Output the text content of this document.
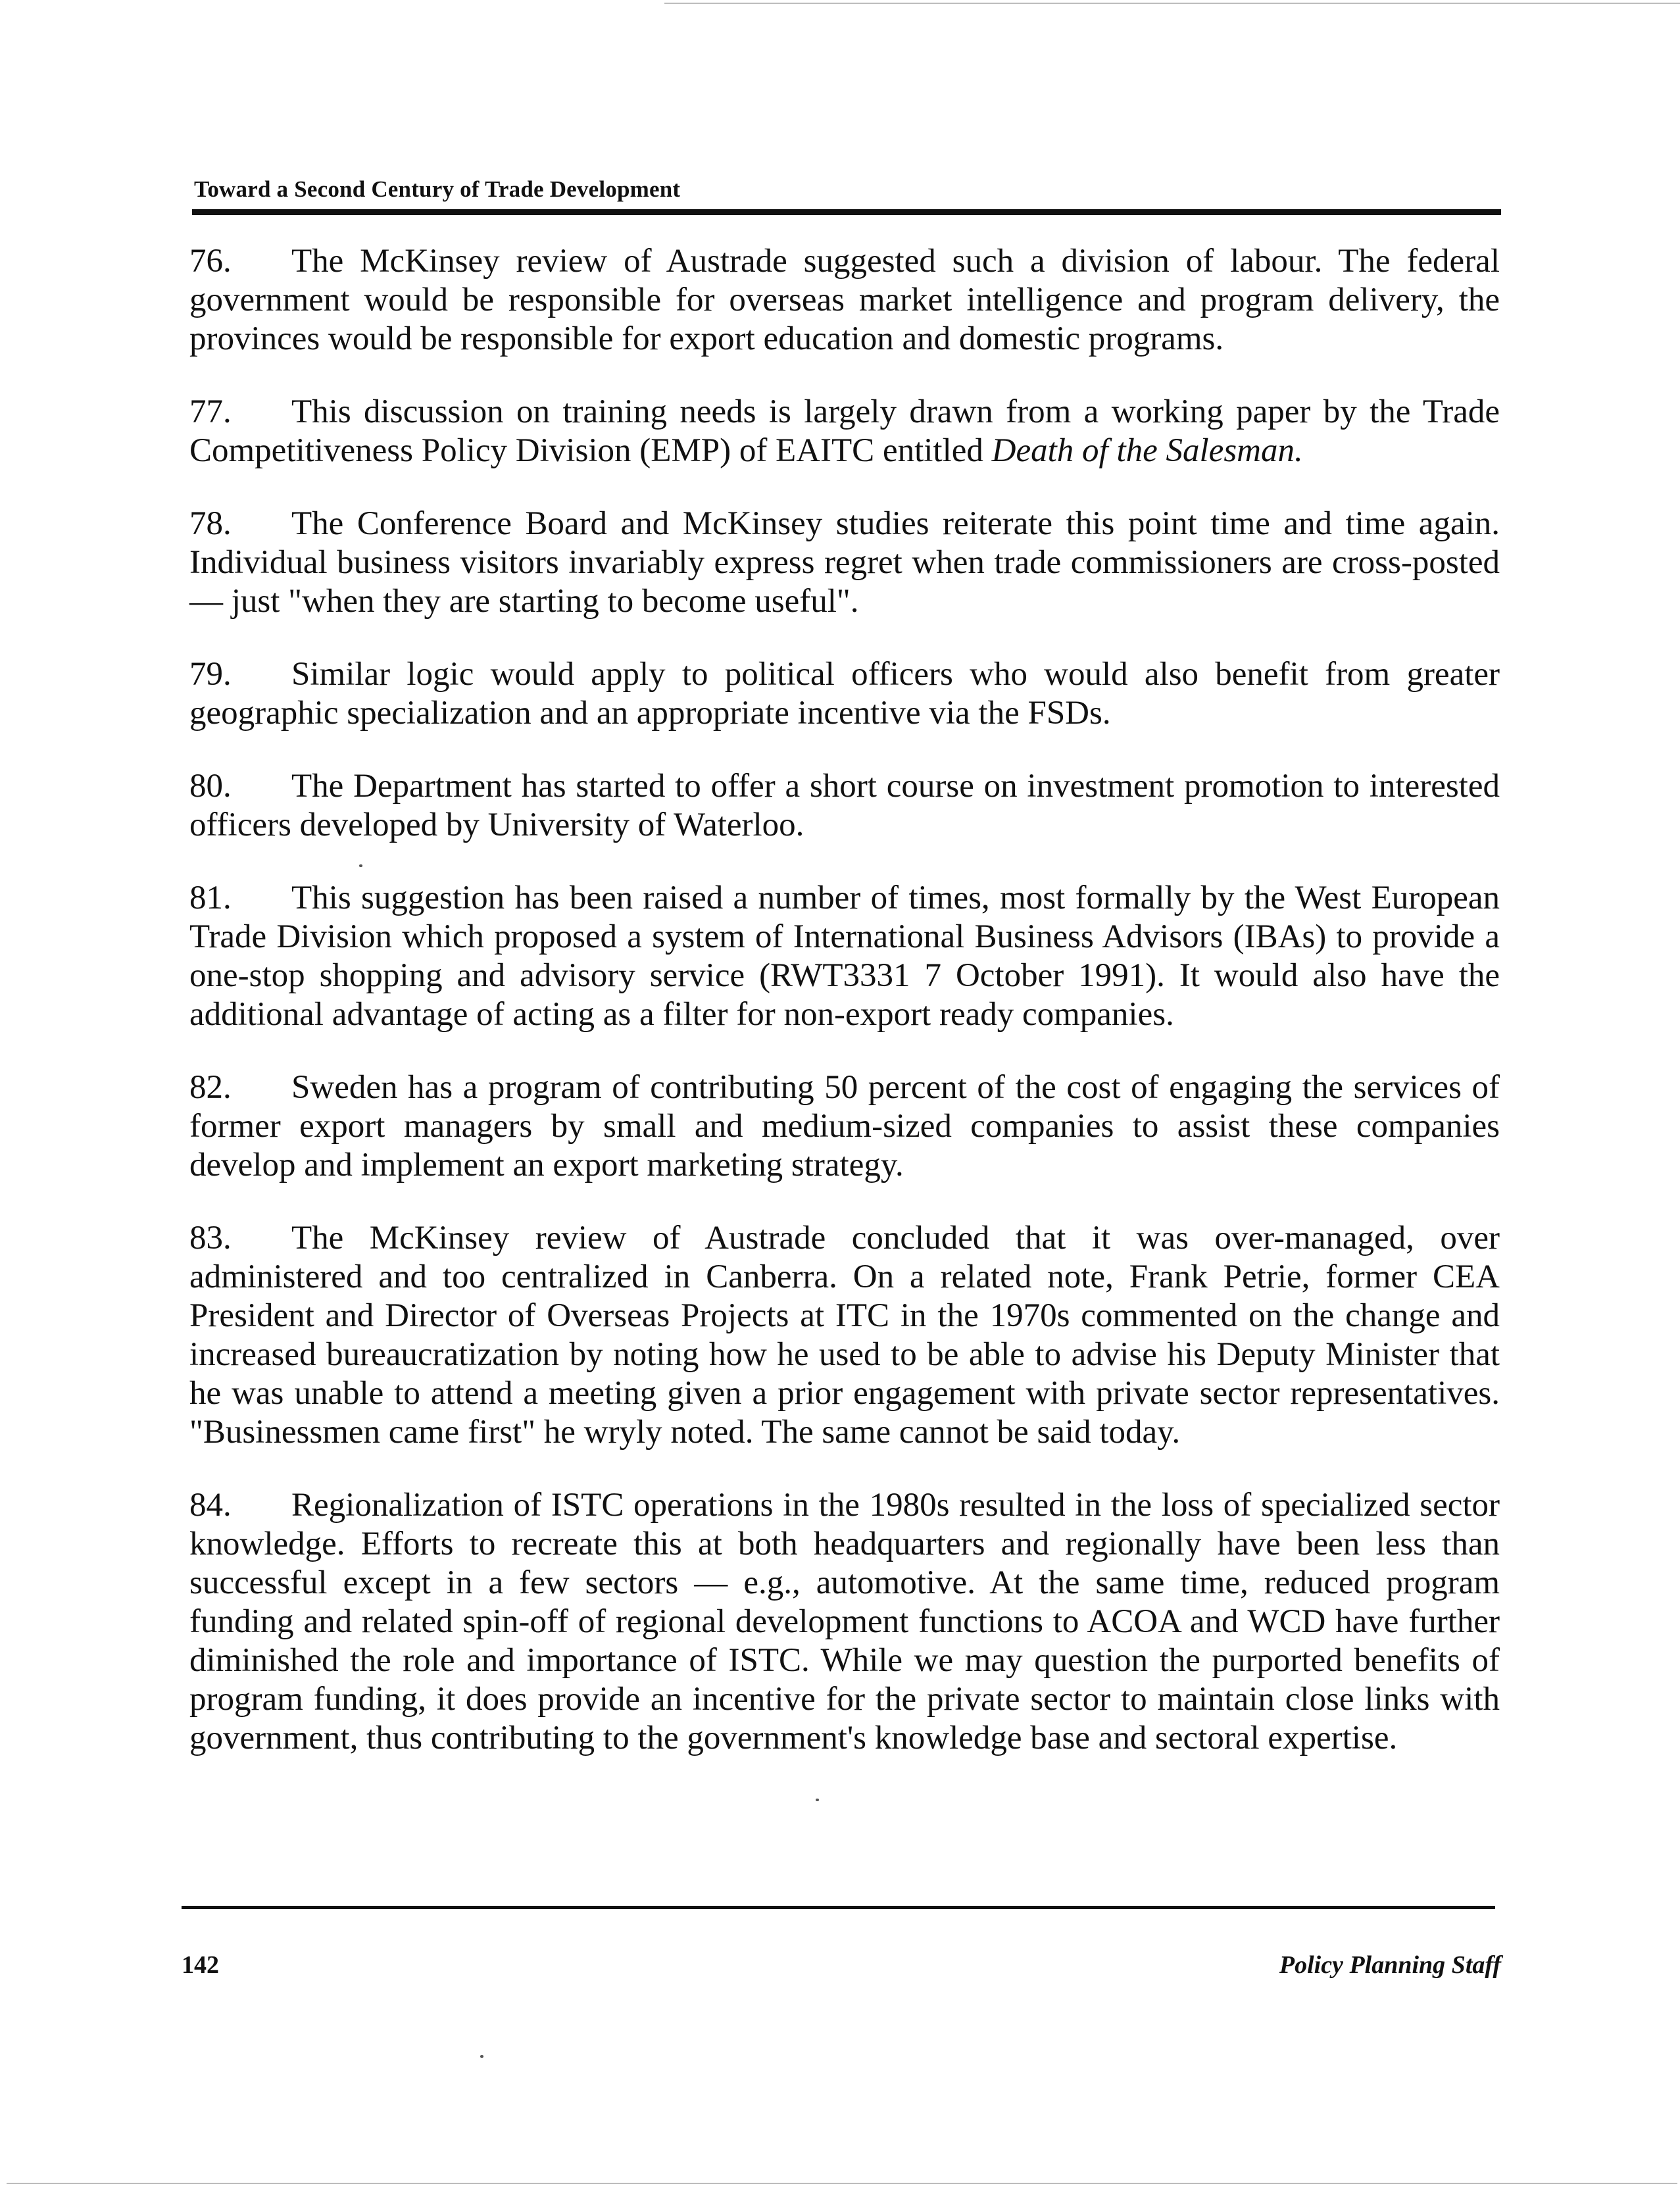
Toward a Second Century of Trade Development

76. The McKinsey review of Austrade suggested such a division of labour. The federal government would be responsible for overseas market intelligence and program delivery, the provinces would be responsible for export education and domestic programs.

77. This discussion on training needs is largely drawn from a working paper by the Trade Competitiveness Policy Division (EMP) of EAITC entitled Death of the Salesman.

78. The Conference Board and McKinsey studies reiterate this point time and time again. Individual business visitors invariably express regret when trade commissioners are cross-posted — just "when they are starting to become useful".

79. Similar logic would apply to political officers who would also benefit from greater geographic specialization and an appropriate incentive via the FSDs.

80. The Department has started to offer a short course on investment promotion to interested officers developed by University of Waterloo.

81. This suggestion has been raised a number of times, most formally by the West European Trade Division which proposed a system of International Business Advisors (IBAs) to provide a one-stop shopping and advisory service (RWT3331 7 October 1991). It would also have the additional advantage of acting as a filter for non-export ready companies.

82. Sweden has a program of contributing 50 percent of the cost of engaging the services of former export managers by small and medium-sized companies to assist these companies develop and implement an export marketing strategy.

83. The McKinsey review of Austrade concluded that it was over-managed, over administered and too centralized in Canberra. On a related note, Frank Petrie, former CEA President and Director of Overseas Projects at ITC in the 1970s commented on the change and increased bureaucratization by noting how he used to be able to advise his Deputy Minister that he was unable to attend a meeting given a prior engagement with private sector representatives. "Businessmen came first" he wryly noted. The same cannot be said today.

84. Regionalization of ISTC operations in the 1980s resulted in the loss of specialized sector knowledge. Efforts to recreate this at both headquarters and regionally have been less than successful except in a few sectors — e.g., automotive. At the same time, reduced program funding and related spin-off of regional development functions to ACOA and WCD have further diminished the role and importance of ISTC. While we may question the purported benefits of program funding, it does provide an incentive for the private sector to maintain close links with government, thus contributing to the government's knowledge base and sectoral expertise.

142	Policy Planning Staff
